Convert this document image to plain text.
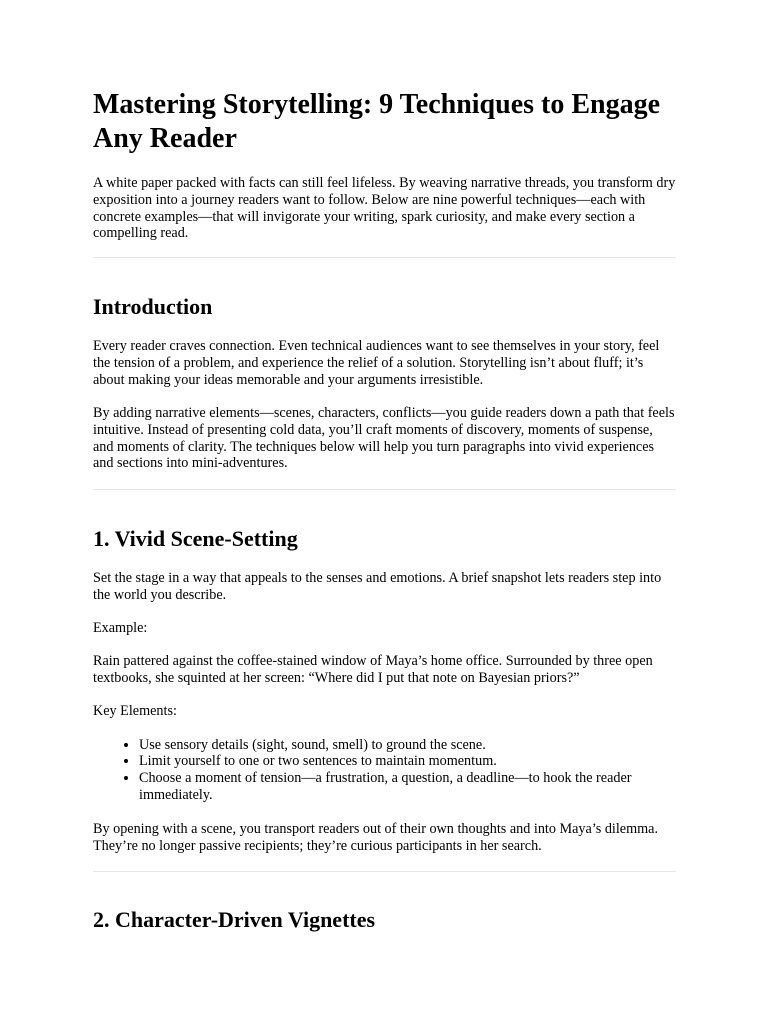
Mastering Storytelling: 9 Techniques to Engage Any Reader

A white paper packed with facts can still feel lifeless. By weaving narrative threads, you transform dry exposition into a journey readers want to follow. Below are nine powerful techniques—each with concrete examples—that will invigorate your writing, spark curiosity, and make every section a compelling read.

Introduction

Every reader craves connection. Even technical audiences want to see themselves in your story, feel the tension of a problem, and experience the relief of a solution. Storytelling isn’t about fluff; it’s about making your ideas memorable and your arguments irresistible.

By adding narrative elements—scenes, characters, conflicts—you guide readers down a path that feels intuitive. Instead of presenting cold data, you’ll craft moments of discovery, moments of suspense, and moments of clarity. The techniques below will help you turn paragraphs into vivid experiences and sections into mini-adventures.

1. Vivid Scene-Setting

Set the stage in a way that appeals to the senses and emotions. A brief snapshot lets readers step into the world you describe.

Example:

Rain pattered against the coffee-stained window of Maya’s home office. Surrounded by three open textbooks, she squinted at her screen: “Where did I put that note on Bayesian priors?”

Key Elements:

• Use sensory details (sight, sound, smell) to ground the scene.
• Limit yourself to one or two sentences to maintain momentum.
• Choose a moment of tension—a frustration, a question, a deadline—to hook the reader immediately.

By opening with a scene, you transport readers out of their own thoughts and into Maya’s dilemma. They’re no longer passive recipients; they’re curious participants in her search.

2. Character-Driven Vignettes
